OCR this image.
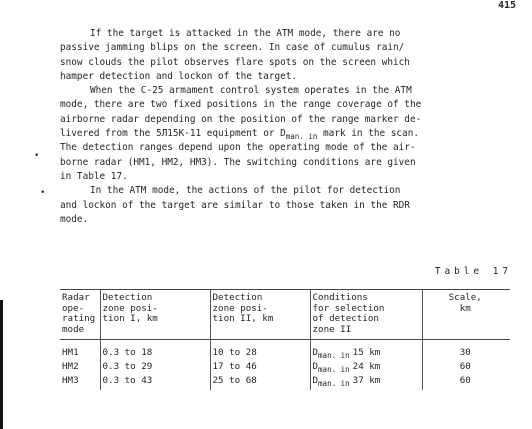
415
•
•

If the target is attacked in the ATM mode, there are no

passive jamming blips on the screen. In case of cumulus rain/

snow clouds the pilot observes flare spots on the screen which

hamper detection and lockon of the target.

When the C-25 armament control system operates in the ATM

mode, there are two fixed positions in the range coverage of the

airborne radar depending on the position of the range marker de-

livered from the 5Л15K-11 equipment or $D_{man. in}$ mark in the scan.

The detection ranges depend upon the operating mode of the air-

borne radar (HM1, HM2, HM3). The switching conditions are given

in Table 17.

In the ATM mode, the actions of the pilot for detection

and lockon of the target are similar to those taken in the RDR

mode.

Table 17
Radar
ope-
rating
mode	Detection
zone posi-
tion I, km	Detection
zone posi-
tion II, km	Conditions
for selection
of detection
zone II	Scale,
km
HM1	0.3 to 18	10 to 28	$D_{man. in}$ 15 km	30
HM2	0.3 to 29	17 to 46	$D_{man. in}$ 24 km	60
HM3	0.3 to 43	25 to 68	$D_{man. in}$ 37 km	60
